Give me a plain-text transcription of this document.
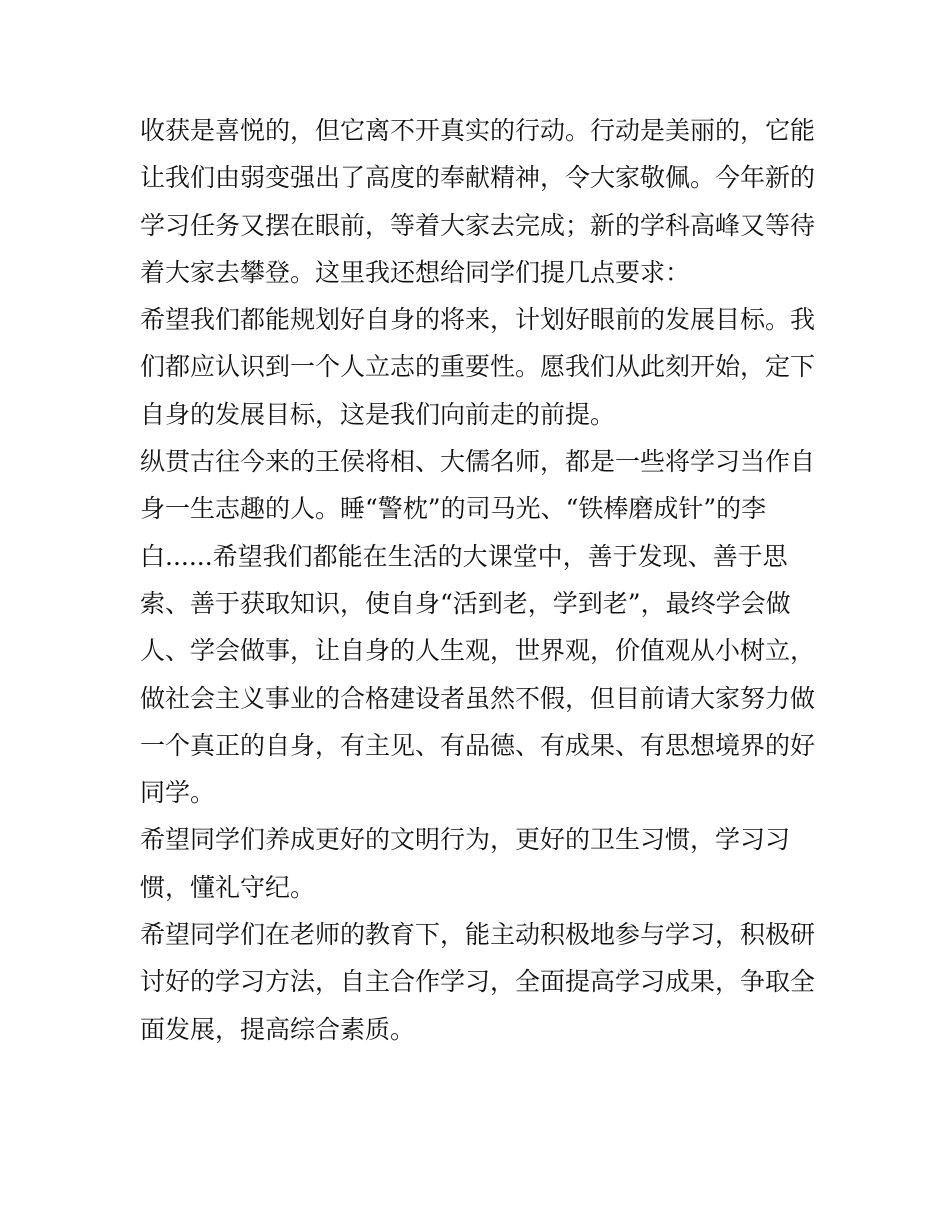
收获是喜悦的，但它离不开真实的行动。行动是美丽的，它能
让我们由弱变强出了高度的奉献精神，令大家敬佩。今年新的
学习任务又摆在眼前，等着大家去完成；新的学科高峰又等待
着大家去攀登。这里我还想给同学们提几点要求：
希望我们都能规划好自身的将来，计划好眼前的发展目标。我
们都应认识到一个人立志的重要性。愿我们从此刻开始，定下
自身的发展目标，这是我们向前走的前提。
纵贯古往今来的王侯将相、大儒名师，都是一些将学习当作自
身一生志趣的人。睡“警枕”的司马光、“铁棒磨成针”的李
白......希望我们都能在生活的大课堂中，善于发现、善于思
索、善于获取知识，使自身“活到老，学到老”，最终学会做
人、学会做事，让自身的人生观，世界观，价值观从小树立，
做社会主义事业的合格建设者虽然不假，但目前请大家努力做
一个真正的自身，有主见、有品德、有成果、有思想境界的好
同学。
希望同学们养成更好的文明行为，更好的卫生习惯，学习习
惯，懂礼守纪。
希望同学们在老师的教育下，能主动积极地参与学习，积极研
讨好的学习方法，自主合作学习，全面提高学习成果，争取全
面发展，提高综合素质。
